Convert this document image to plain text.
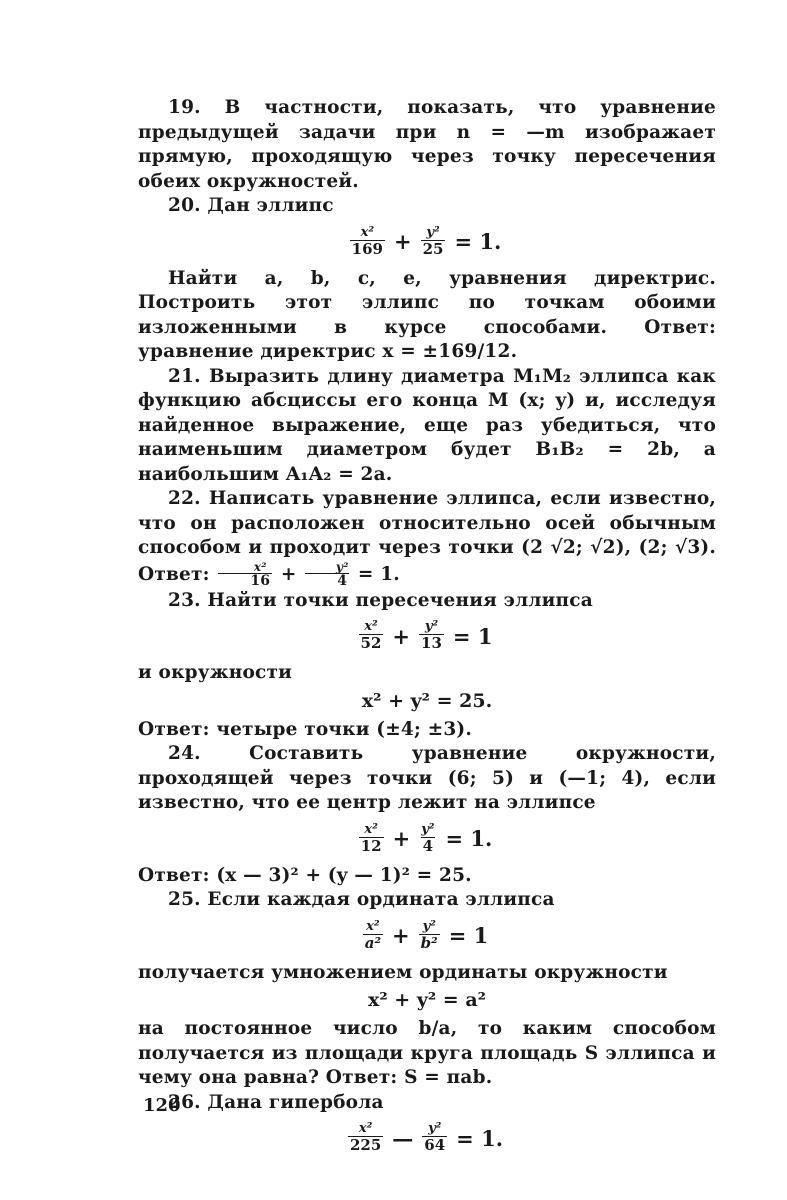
19. В частности, показать, что уравнение предыдущей задачи при n = —m изображает прямую, проходящую через точку пересечения обеих окружностей.

20. Дан эллипс

$\frac{\text{x²}}{169} + \frac{\text{y²}}{25} = 1$.

Найти a, b, c, e, уравнения директрис. Построить этот эллипс по точкам обоими изложенными в курсе способами. Ответ: уравнение директрис x = ±169/12.

21. Выразить длину диаметра M₁M₂ эллипса как функцию абсциссы его конца M (x; y) и, исследуя найденное выражение, еще раз убедиться, что наименьшим диаметром будет B₁B₂ = 2b, а наибольшим A₁A₂ = 2a.

22. Написать уравнение эллипса, если известно, что он расположен относительно осей обычным способом и проходит через точки (2 √2; √2), (2; √3). Ответ: $\frac{\text{x²}}{16} + \frac{\text{y²}}{4} = 1$.

23. Найти точки пересечения эллипса

$\frac{\text{x²}}{52} + \frac{\text{y²}}{13} = 1$

и окружности

x² + y² = 25.

Ответ: четыре точки (±4; ±3).

24. Составить уравнение окружности, проходящей через точки (6; 5) и (—1; 4), если известно, что ее центр лежит на эллипсе

$\frac{\text{x²}}{12} + \frac{\text{y²}}{4} = 1$.

Ответ: (x — 3)² + (y — 1)² = 25.

25. Если каждая ордината эллипса

$\frac{\text{x²}}{\text{a²}} + \frac{\text{y²}}{\text{b²}} = 1$

получается умножением ординаты окружности

x² + y² = a²

на постоянное число b/a, то каким способом получается из площади круга площадь S эллипса и чему она равна? Ответ: S = πab.

26. Дана гипербола

$\frac{\text{x²}}{225}$ — $\frac{\text{y²}}{64} = 1$.
120
